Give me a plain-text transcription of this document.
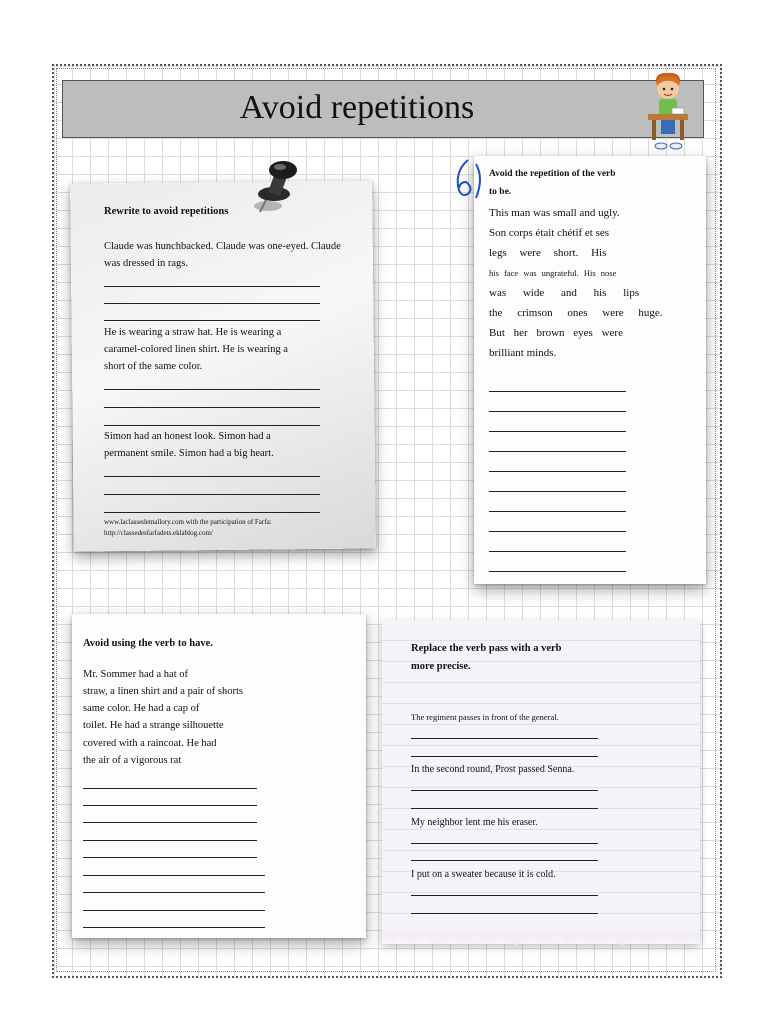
Avoid repetitions
Rewrite to avoid repetitions
Claude was hunchbacked. Claude was one-eyed. Claude
was dressed in rags.
He is wearing a straw hat. He is wearing a
caramel-colored linen shirt. He is wearing a
short of the same color.
Simon had an honest look. Simon had a
permanent smile. Simon had a big heart.
www.laclassedemallory.com with the participation of Farfa:
http://classedesfarfadets.eklablog.com/
Avoid the repetition of the verb
to be.
This man was small and ugly.
Son corps était chétif et ses
legs were short. His
his face was ungrateful. His nose
was wide and his lips
the crimson ones were huge.
But her brown eyes were
brilliant minds.
Avoid using the verb to have.
Mr. Sommer had a hat of
straw, a linen shirt and a pair of shorts
same color. He had a cap of
toilet. He had a strange silhouette
covered with a raincoat. He had
the air of a vigorous rat
Replace the verb pass with a verb
more precise.
The regiment passes in front of the general.
In the second round, Prost passed Senna.
My neighbor lent me his eraser.
I put on a sweater because it is cold.
